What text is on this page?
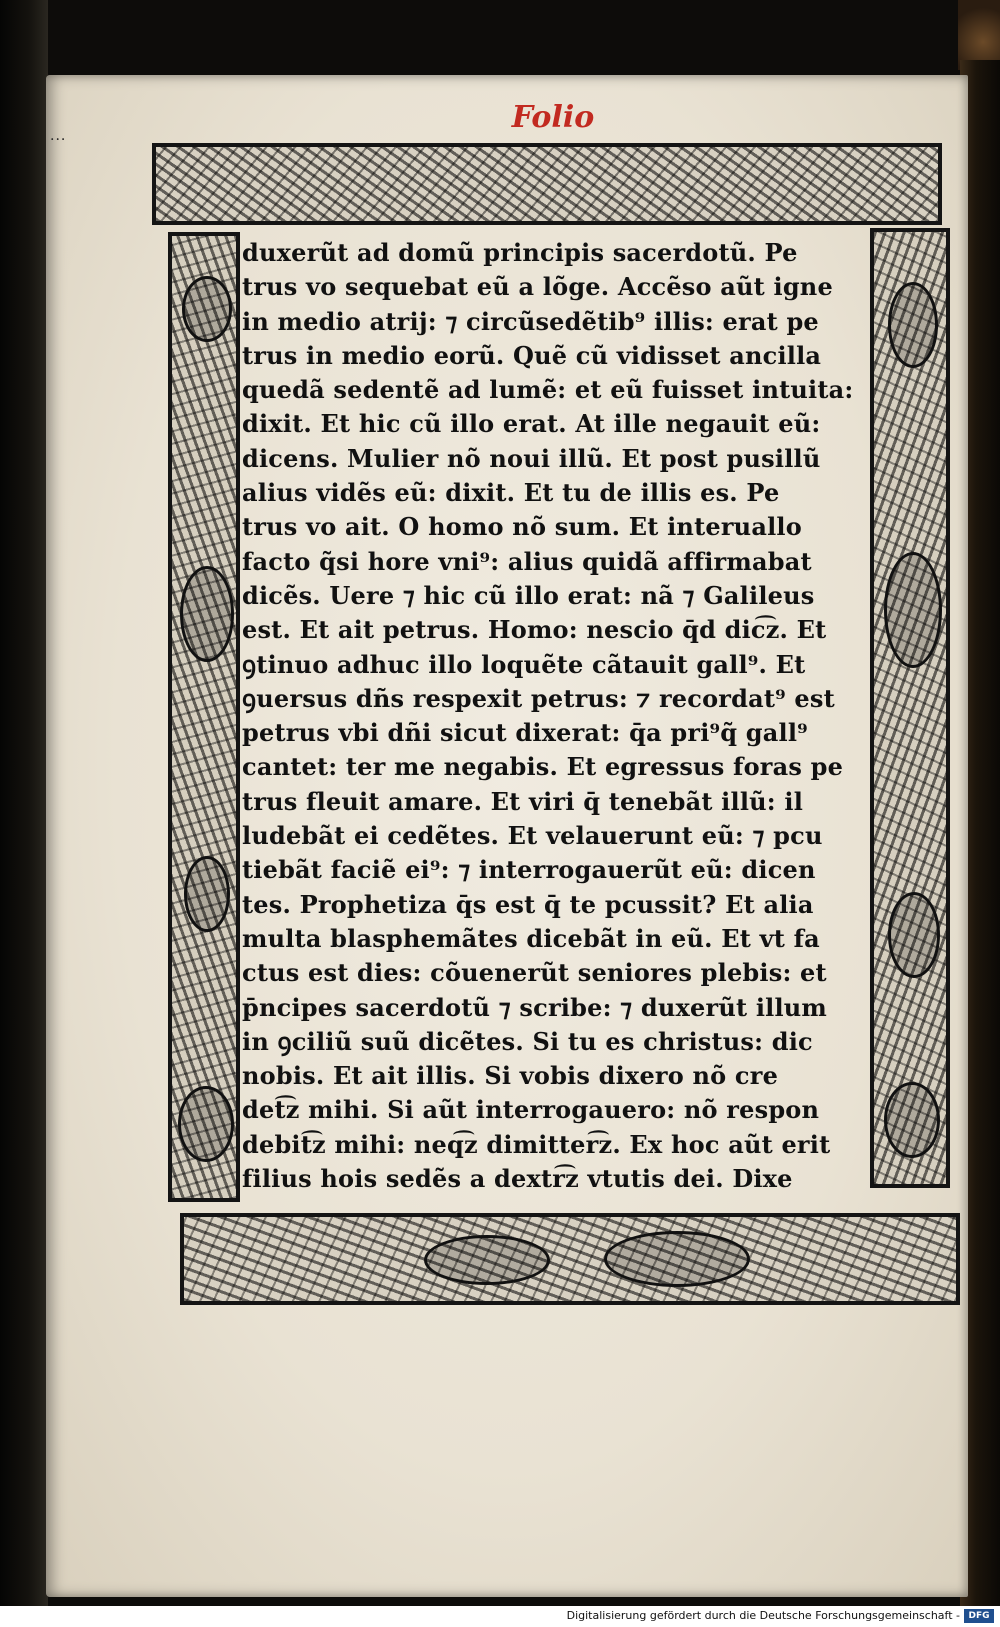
...
Folio
duxerũt ad domũ principis sacerdotũ. Pe
trus vo sequebat eũ a lõge. Accẽso aũt igne
in medio atrij: ⁊ circũsedẽtib⁹ illis: erat pe
trus in medio eorũ. Quẽ cũ vidisset ancilla
quedã sedentẽ ad lumẽ: et eũ fuisset intuita:
dixit. Et hic cũ illo erat. At ille negauit eũ:
dicens. Mulier nõ noui illũ. Et post pusillũ
alius vidẽs eũ: dixit. Et tu de illis es. Pe
trus vo ait. O homo nõ sum. Et interuallo
facto q̃si hore vni⁹: alius quidã affirmabat
dicẽs. Uere ⁊ hic cũ illo erat: nã ⁊ Galileus
est. Et ait petrus. Homo: nescio q̄d dic͡z. Et
ꝯtinuo adhuc illo loquẽte cãtauit gall⁹. Et
ꝯuersus dñs respexit petrus: ⁊ recordat⁹ est
petrus vbi dñi sicut dixerat: q̄a pri⁹q̃ gall⁹
cantet: ter me negabis. Et egressus foras pe
trus fleuit amare. Et viri q̄ tenebãt illũ: il
ludebãt ei cedẽtes. Et velauerunt eũ: ⁊ pcu
tiebãt faciẽ ei⁹: ⁊ interrogauerũt eũ: dicen
tes. Prophetiza q̄s est q̄ te pcussit? Et alia
multa blasphemãtes dicebãt in eũ. Et vt fa
ctus est dies: cõuenerũt seniores plebis: et
p̄ncipes sacerdotũ ⁊ scribe: ⁊ duxerũt illum
in ꝯciliũ suũ dicẽtes. Si tu es christus: dic
nobis. Et ait illis. Si vobis dixero nõ cre
det͡z mihi. Si aũt interrogauero: nõ respon
debit͡z mihi: neq͡z dimitter͡z. Ex hoc aũt erit
filius hois sedẽs a dextr͡z vtutis dei. Dixe
Digitalisierung gefördert durch die Deutsche Forschungsgemeinschaft - DFG
